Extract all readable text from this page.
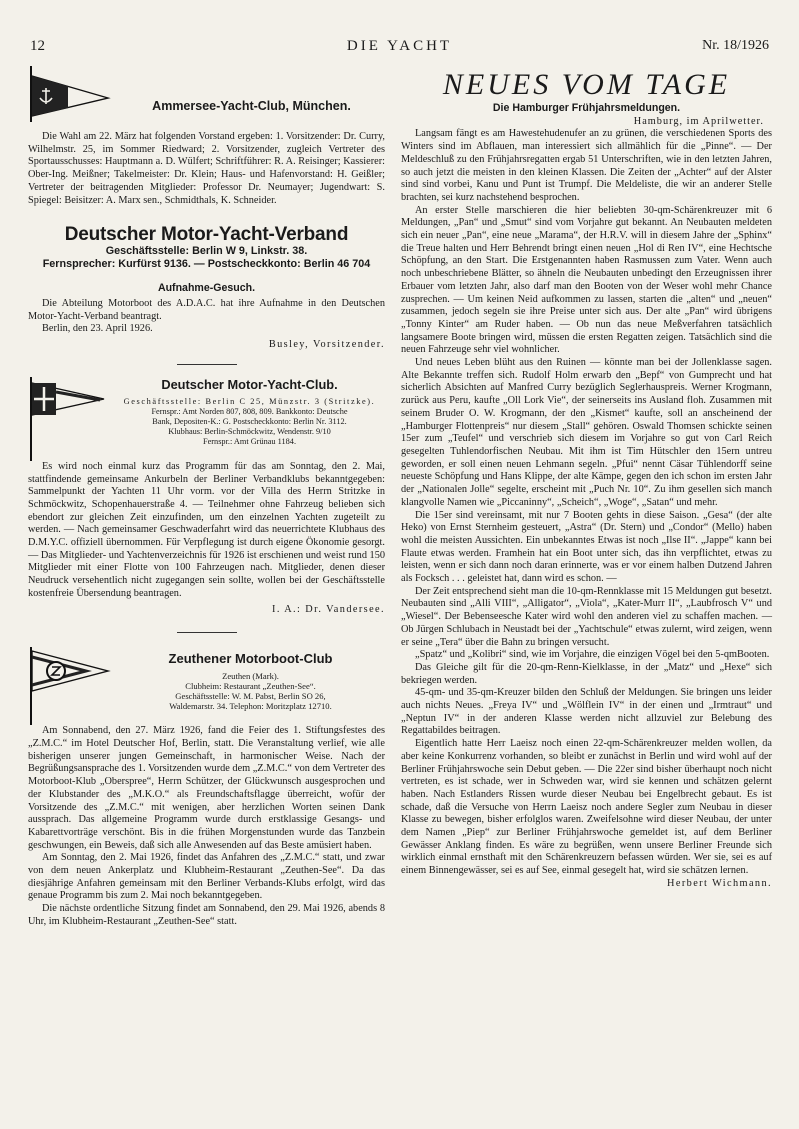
12	DIE YACHT	Nr. 18/1926
Ammersee-Yacht-Club, München.

Die Wahl am 22. März hat folgenden Vorstand ergeben: 1. Vorsitzender: Dr. Curry, Wilhelmstr. 25, im Sommer Riedward; 2. Vorsitzender, zugleich Vertreter des Sportausschusses: Hauptmann a. D. Wülfert; Schriftführer: R. A. Reisinger; Kassierer: Ober-Ing. Meißner; Takelmeister: Dr. Klein; Haus- und Hafenvorstand: H. Geißler; Vertreter der beitragenden Mitglieder: Professor Dr. Neumayer; Jugendwart: S. Spiegel: Beisitzer: A. Marx sen., Schmidthals, K. Schneider.

Deutscher Motor-Yacht-Verband
Geschäftsstelle: Berlin W 9, Linkstr. 38.
Fernsprecher: Kurfürst 9136. — Postscheckkonto: Berlin 46 704
Aufnahme-Gesuch.

Die Abteilung Motorboot des A.D.A.C. hat ihre Aufnahme in den Deutschen Motor-Yacht-Verband beantragt.

Berlin, den 23. April 1926.

Busley, Vorsitzender.
Deutscher Motor-Yacht-Club.
Geschäftsstelle: Berlin C 25, Münzstr. 3 (Stritzke).
Fernspr.: Amt Norden 807, 808, 809. Bankkonto: Deutsche
Bank, Depositen-K.: G. Postscheckkonto: Berlin Nr. 3112.
Klubhaus: Berlin-Schmöckwitz, Wendenstr. 9/10
Fernspr.: Amt Grünau 1184.

Es wird noch einmal kurz das Programm für das am Sonntag, den 2. Mai, stattfindende gemeinsame Ankurbeln der Berliner Verbandklubs bekanntgegeben: Sammelpunkt der Yachten 11 Uhr vorm. vor der Villa des Herrn Stritzke in Schmöckwitz, Schopenhauerstraße 4. — Teilnehmer ohne Fahrzeug belieben sich ebendort zur gleichen Zeit einzufinden, um den einzelnen Yachten zugeteilt zu werden. — Nach gemeinsamer Geschwaderfahrt wird das neuerrichtete Klubhaus des D.M.Y.C. offiziell übernommen. Für Verpflegung ist durch eigene Ökonomie gesorgt. — Das Mitglieder- und Yachtenverzeichnis für 1926 ist erschienen und weist rund 150 Mitglieder mit einer Flotte von 100 Fahrzeugen nach. Mitglieder, denen dieser Neudruck versehentlich nicht zugegangen sein sollte, wollen bei der Geschäftsstelle kostenfreie Übersendung beantragen.

I. A.: Dr. Vandersee.
Zeuthener Motorboot-Club
Zeuthen (Mark).
Clubheim: Restaurant „Zeuthen-See“.
Geschäftsstelle: W. M. Pabst, Berlin SO 26,
Waldemarstr. 34. Telephon: Moritzplatz 12710.

Am Sonnabend, den 27. März 1926, fand die Feier des 1. Stiftungsfestes des „Z.M.C.“ im Hotel Deutscher Hof, Berlin, statt. Die Veranstaltung verlief, wie alle bisherigen unserer jungen Gemeinschaft, in harmonischer Weise. Nach der Begrüßungsansprache des 1. Vorsitzenden wurde dem „Z.M.C.“ von dem Vertreter des Motorboot-Klub „Oberspree“, Herrn Schützer, der Glückwunsch ausgesprochen und der Klubstander des „M.K.O.“ als Freundschaftsflagge überreicht, wofür der Vorsitzende des „Z.M.C.“ mit wenigen, aber herzlichen Worten seinen Dank aussprach. Das allgemeine Programm wurde durch erstklassige Gesangs- und Kabarettvorträge verschönt. Bis in die frühen Morgenstunden wurde das Tanzbein geschwungen, ein Beweis, daß sich alle Anwesenden auf das Beste amüsiert haben.

Am Sonntag, den 2. Mai 1926, findet das Anfahren des „Z.M.C.“ statt, und zwar von dem neuen Ankerplatz und Klubheim-Restaurant „Zeuthen-See“. Da das diesjährige Anfahren gemeinsam mit den Berliner Verbands-Klubs erfolgt, wird das genaue Programm bis zum 2. Mai noch bekanntgegeben.

Die nächste ordentliche Sitzung findet am Sonnabend, den 29. Mai 1926, abends 8 Uhr, im Klubheim-Restaurant „Zeuthen-See“ statt.

NEUES VOM TAGE
Die Hamburger Frühjahrsmeldungen.
Hamburg, im Aprilwetter.

Langsam fängt es am Hawestehudenufer an zu grünen, die verschiedenen Sports des Winters sind im Abflauen, man interessiert sich allmählich für die „Pinne“. — Der Meldeschluß zu den Frühjahrsregatten ergab 51 Unterschriften, wie in den letzten Jahren, so auch jetzt die meisten in den kleinen Klassen. Die Zeiten der „Achter“ auf der Alster sind sind vorbei, Kanu und Punt ist Trumpf. Die Meldeliste, die wir an anderer Stelle brachten, sei kurz nachstehend besprochen.

An erster Stelle marschieren die hier beliebten 30-qm-Schärenkreuzer mit 6 Meldungen, „Pan“ und „Smut“ sind vom Vorjahre gut bekannt. An Neubauten meldeten sich ein neuer „Pan“, eine neue „Marama“, der H.R.V. will in diesem Jahre der „Sphinx“ die Treue halten und Herr Behrendt bringt einen neuen „Hol di Ren IV“, eine Hechtsche Schöpfung, an den Start. Die Erstgenannten haben Rasmussen zum Vater. Wenn auch noch unbeschriebene Blätter, so ähneln die Neubauten unbedingt den Erzeugnissen ihrer Erbauer vom letzten Jahr, also darf man den Booten von der Weser wohl mehr Chance zusprechen. — Um keinen Neid aufkommen zu lassen, starten die „alten“ und „neuen“ zusammen, jedoch segeln sie ihre Preise unter sich aus. Der alte „Pan“ wird übrigens „Tonny Kinter“ am Ruder haben. — Ob nun das neue Meßverfahren tatsächlich langsamere Boote bringen wird, müssen die ersten Regatten zeigen. Tatsächlich sind die neuen Fahrzeuge sehr viel wohnlicher.

Und neues Leben blüht aus den Ruinen — könnte man bei der Jollenklasse sagen. Alte Bekannte treffen sich. Rudolf Holm erwarb den „Bepf“ von Gumprecht und hat sicherlich Absichten auf Manfred Curry bezüglich Seglerhauspreis. Werner Krogmann, zurück aus Peru, kaufte „Oll Lork Vie“, der seinerseits ins Ausland floh. Zusammen mit seinem Bruder O. W. Krogmann, der den „Kismet“ kaufte, soll an anscheinend der „Hamburger Flottenpreis“ nur diesem „Stall“ gehören. Oswald Thomsen schickte seinen 15er zum „Teufel“ und verschrieb sich diesem im Vorjahre so gut von Carl Reich gesegelten Tuhlendorfischen Neubau. Mit ihm ist Tim Hütschler den 15ern untreu geworden, er soll einen neuen Lehmann segeln. „Pfui“ nennt Cäsar Tühlendorff seine neueste Schöpfung und Hans Klippe, der alte Kämpe, gegen den ich schon im ersten Jahr der „Nationalen Jolle“ segelte, erscheint mit „Puch Nr. 10“. Zu ihm gesellen sich manch klangvolle Namen wie „Piccaninny“, „Scheich“, „Woge“, „Satan“ und mehr.

Die 15er sind vereinsamt, mit nur 7 Booten gehts in diese Saison. „Gesa“ (der alte Heko) von Ernst Sternheim gesteuert, „Astra“ (Dr. Stern) und „Condor“ (Mello) haben wohl die meisten Aussichten. Ein unbekanntes Etwas ist noch „Ilse II“. „Jappe“ kann bei Flaute etwas werden. Framhein hat ein Boot unter sich, das ihn verpflichtet, etwas zu leisten, wenn er sich dann noch daran erinnerte, was er vor einem halben Dutzend Jahren als Focksch . . . geleistet hat, dann wird es schon. —

Der Zeit entsprechend sieht man die 10-qm-Rennklasse mit 15 Meldungen gut besetzt. Neubauten sind „Alli VIII“, „Alligator“, „Viola“, „Kater-Murr II“, „Laubfrosch V“ und „Wiesel“. Der Bebenseesche Kater wird wohl den anderen viel zu schaffen machen. — Ob Jürgen Schlubach in Neustadt bei der „Yachtschule“ etwas zulernt, wird zeigen, wenn er seine „Tera“ über die Bahn zu bringen versucht.

„Spatz“ und „Kolibri“ sind, wie im Vorjahre, die einzigen Vögel bei den 5-qmBooten.

Das Gleiche gilt für die 20-qm-Renn-Kielklasse, in der „Matz“ und „Hexe“ sich bekriegen werden.

45-qm- und 35-qm-Kreuzer bilden den Schluß der Meldungen. Sie bringen uns leider auch nichts Neues. „Freya IV“ und „Wölflein IV“ in der einen und „Irmtraut“ und „Neptun IV“ in der anderen Klasse werden nicht allzuviel zur Belebung des Regattabildes beitragen.

Eigentlich hatte Herr Laeisz noch einen 22-qm-Schärenkreuzer melden wollen, da aber keine Konkurrenz vorhanden, so bleibt er zunächst in Berlin und wird wohl auf der Berliner Frühjahrswoche sein Debut geben. — Die 22er sind bisher überhaupt noch nicht vertreten, es ist schade, wer in Schweden war, wird sie kennen und schätzen gelernt haben. Nach Estlanders Rissen wurde dieser Neubau bei Engelbrecht gebaut. Es ist schade, daß die Versuche von Herrn Laeisz noch andere Segler zum Neubau in dieser Klasse zu bewegen, bisher erfolglos waren. Zweifelsohne wird dieser Neubau, der unter dem Namen „Piep“ zur Berliner Frühjahrswoche gemeldet ist, auf dem Berliner Gewässer Anklang finden. Es wäre zu begrüßen, wenn unsere Berliner Freunde sich wirklich einmal ernsthaft mit den Schärenkreuzern befassen würden. Wer sie, sei es auf einem Binnengewässer, sei es auf See, einmal gesegelt hat, wird sie schätzen lernen.

Herbert Wichmann.
